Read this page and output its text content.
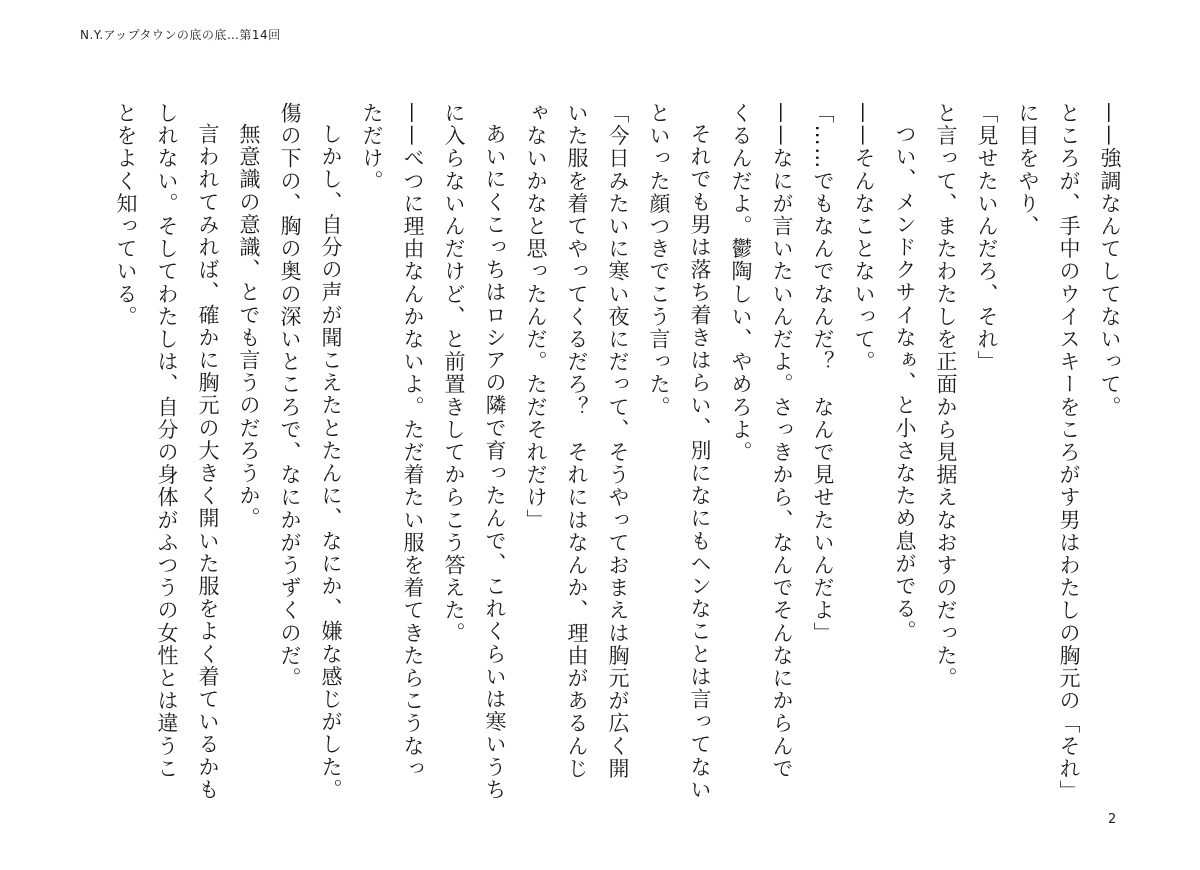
N.Y.アップタウンの底の底…第14回

——強調なんてしてないって。

ところが、手中のウイスキーをころがす男はわたしの胸元の「それ」に目をやり、

「見せたいんだろ、それ」

と言って、またわたしを正面から見据えなおすのだった。

つい、メンドクサイなぁ、と小さなため息がでる。

——そんなことないって。

「……でもなんでなんだ？　なんで見せたいんだよ」

——なにが言いたいんだよ。さっきから、なんでそんなにからんでくるんだよ。鬱陶しい、やめろよ。

それでも男は落ち着きはらい、別になにもヘンなことは言ってないといった顔つきでこう言った。

「今日みたいに寒い夜にだって、そうやっておまえは胸元が広く開いた服を着てやってくるだろ？　それにはなんか、理由があるんじゃないかなと思ったんだ。ただそれだけ」

あいにくこっちはロシアの隣で育ったんで、これくらいは寒いうちに入らないんだけど、と前置きしてからこう答えた。

——べつに理由なんかないよ。ただ着たい服を着てきたらこうなっただけ。

しかし、自分の声が聞こえたとたんに、なにか、嫌な感じがした。傷の下の、胸の奥の深いところで、なにかがうずくのだ。

無意識の意識、とでも言うのだろうか。

言われてみれば、確かに胸元の大きく開いた服をよく着ているかもしれない。そしてわたしは、自分の身体がふつうの女性とは違うことをよく知っている。

2
